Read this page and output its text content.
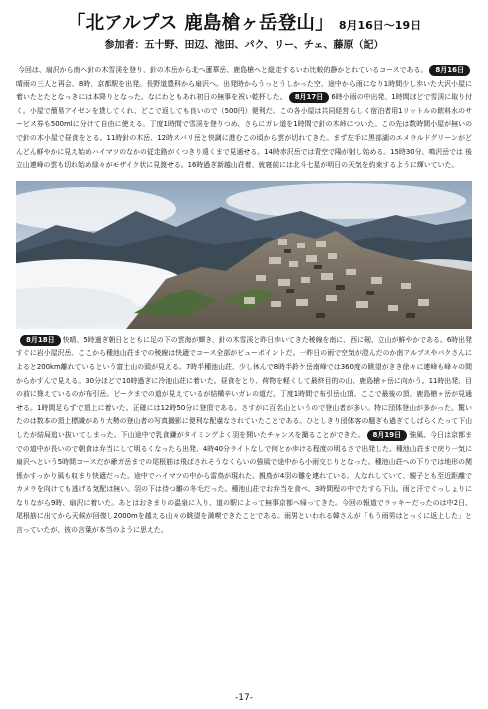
「北アルプス 鹿島槍ヶ岳登山」 8月16日～19日
参加者：五十野、田辺、池田、パク、リー、チェ、藤原（記）

今回は、扇沢から南ヘ針の木雪渓を登り、針の木岳から北へ蓮華岳、鹿島槍ヘと縦走するいわ比較的静かとれているコースである。 8月16日晴雨の三人と再会、8時、京都駅を出発。長野道豊科から扇沢へ。出発時からうっとうしかった空、途中から雨になり1時間少し歩いた大沢小屋に着いたとたとなっきには本降りとなった。なにわともあれ初日の無事を祝い乾杯した。 8月17日 6時小雨の中出発、1時間ほどで雪渓に取り付く。小屋で簡易アイゼンを貸してくれ、どこで返しても良いので（500円）便利だ。この各小屋は共同経営らしく宿泊者用1リットルの飲料水のサービス券も500mlに分けて自由に使える。丁度1時間で雪渓を登りつめ、さらにガレ道を1時間で針の木峠についた。この先は数時間小屋が無いので針の木小屋で昼食をとる。11時針の木岳、12時スバリ岳と快調に進むこの頃から雲が切れてきた。まず左手に黒部湖のエメラルドグリーンがどんどん鮮やかに見え始めハイマツのなかの従走路がくつきり遠くまで見通せる。14時赤沢岳では青空で陽が射し始める。15時30分、鳴沢岳では 後立山連峰の雲も切れ始め緑々がモザイク状に見渡せる。16時過ぎ新越山荘着、就寝前には北斗七星が明日の天気を約束するように輝いていた。

8月18日 快晴、5時過ぎ朝日とともに足の下の雲海が輝き、針の木雪渓と昨日歩いてきた稜線を南に、西に剱、立山が鮮やかである。6時出発すぐに岩小屋沢岳、ここから種池山荘までの稜線は快適でコース全部がビューポイントだ。一昨日の雨で空気が澄んだのか南アルプスやパクさんによると200km離れているという富士山の頭が見える。7時半種池山荘、少し休んで8時半鈴ケ岳南峰では360度の眺望がきき徐々に連峰も峰々の間からかすんで見える。30分ほどで10時過ぎに冷池山荘に着いた。昼食をとり、荷物を軽くして最終目的の山、鹿島槍ヶ岳に向かう。11時出発、目の前に聳えているのが布引岳。ピークまでの道が見えているが結構辛いガレの道だ。丁度1時間で布引岳山頂、ここで最後の頂、鹿島槍ヶ岳が見通せる。1時間足らずで頂上に着いた。正確には12時50分に登頂である。さすがに百名山というので登山者が多い。特に団体登山が多かった。驚いたのは数本の頂上標識があり大勢の登山者の写真撮影に便利な配慮なされていたことである。ひとしきり団体客の騒ぎも過ぎてしばらくたって下山したが結局追い抜いてしまった。下山途中で乳食鎌がタイミングよく羽を開いたチャンスを撮ることができた。 8月19日 強風、今日は京都までの道中が長いので朝食は弁当にして明るくなったら出発、4時40分ライトなしで何とか歩ける程度の明るさで出発した。種池山荘まで戻り一気に扇沢へという5時間コースだが爺ガ岳までの尾根筋は飛ばされそうなくらいの強風で途中から小雨交じりとなった。種池山荘への下りでは地形の関係かすっかり風も収まり快適だった。途中でハイマツの中から雷鳥が現れた。親鳥が4羽の雛を連れている。人なれしていて、親子とも至近距離でカメラを向けても逃げる気配は無い。羽の下は待つ雛の冬毛だった。種池山荘でお弁当を食べ、3時間程の中でたすら下山。雨と汗でぐっしょりになりながら9時、扇沢に着いた。あとはおきまりの温泉に入り、道の駅によって無事京都へ帰ってきた。今回の報道でラッキーだったのは中2日、尾根筋に出てから天候が回復し2000mを越える山々の眺望を満喫できたことである。雨男といわれる韓さんが「もう雨男はとっくに返上した」と言っていたが、彼の言葉が本当のように思えた。

-17-
